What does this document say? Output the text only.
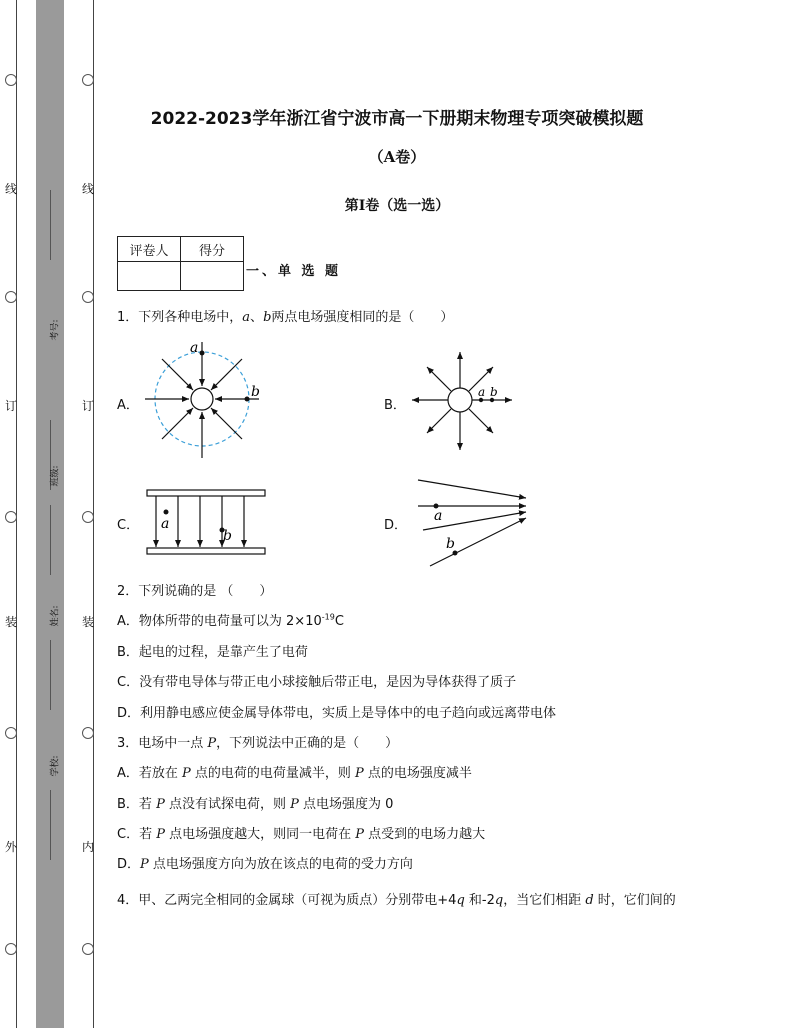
线
订
装
外
线
订
装
内
考号:
班级:
姓名:
学校:
2022-2023学年浙江省宁波市高一下册期末物理专项突破模拟题
（A卷）
第I卷（选一选）
评卷人	得分

一、单 选 题
1．下列各种电场中，a、b两点电场强度相同的是（　　）
A．	B．
C．	D．
a
b	a b
a
b
a
b
2．下列说确的是 （　　）
A．物体所带的电荷量可以为 $2\times 10^{-19}C$
B．起电的过程，是靠产生了电荷
C．没有带电导体与带正电小球接触后带正电，是因为导体获得了质子
D．利用静电感应使金属导体带电，实质上是导体中的电子趋向或远离带电体
3．电场中一点 P，下列说法中正确的是（　　）
A．若放在 P 点的电荷的电荷量减半，则 P 点的电场强度减半
B．若 P 点没有试探电荷，则 P 点电场强度为 0
C．若 P 点电场强度越大，则同一电荷在 P 点受到的电场力越大
D．P 点电场强度方向为放在该点的电荷的受力方向
4．甲、乙两完全相同的金属球（可视为质点）分别带电+4q 和-2q，当它们相距 d 时，它们间的
